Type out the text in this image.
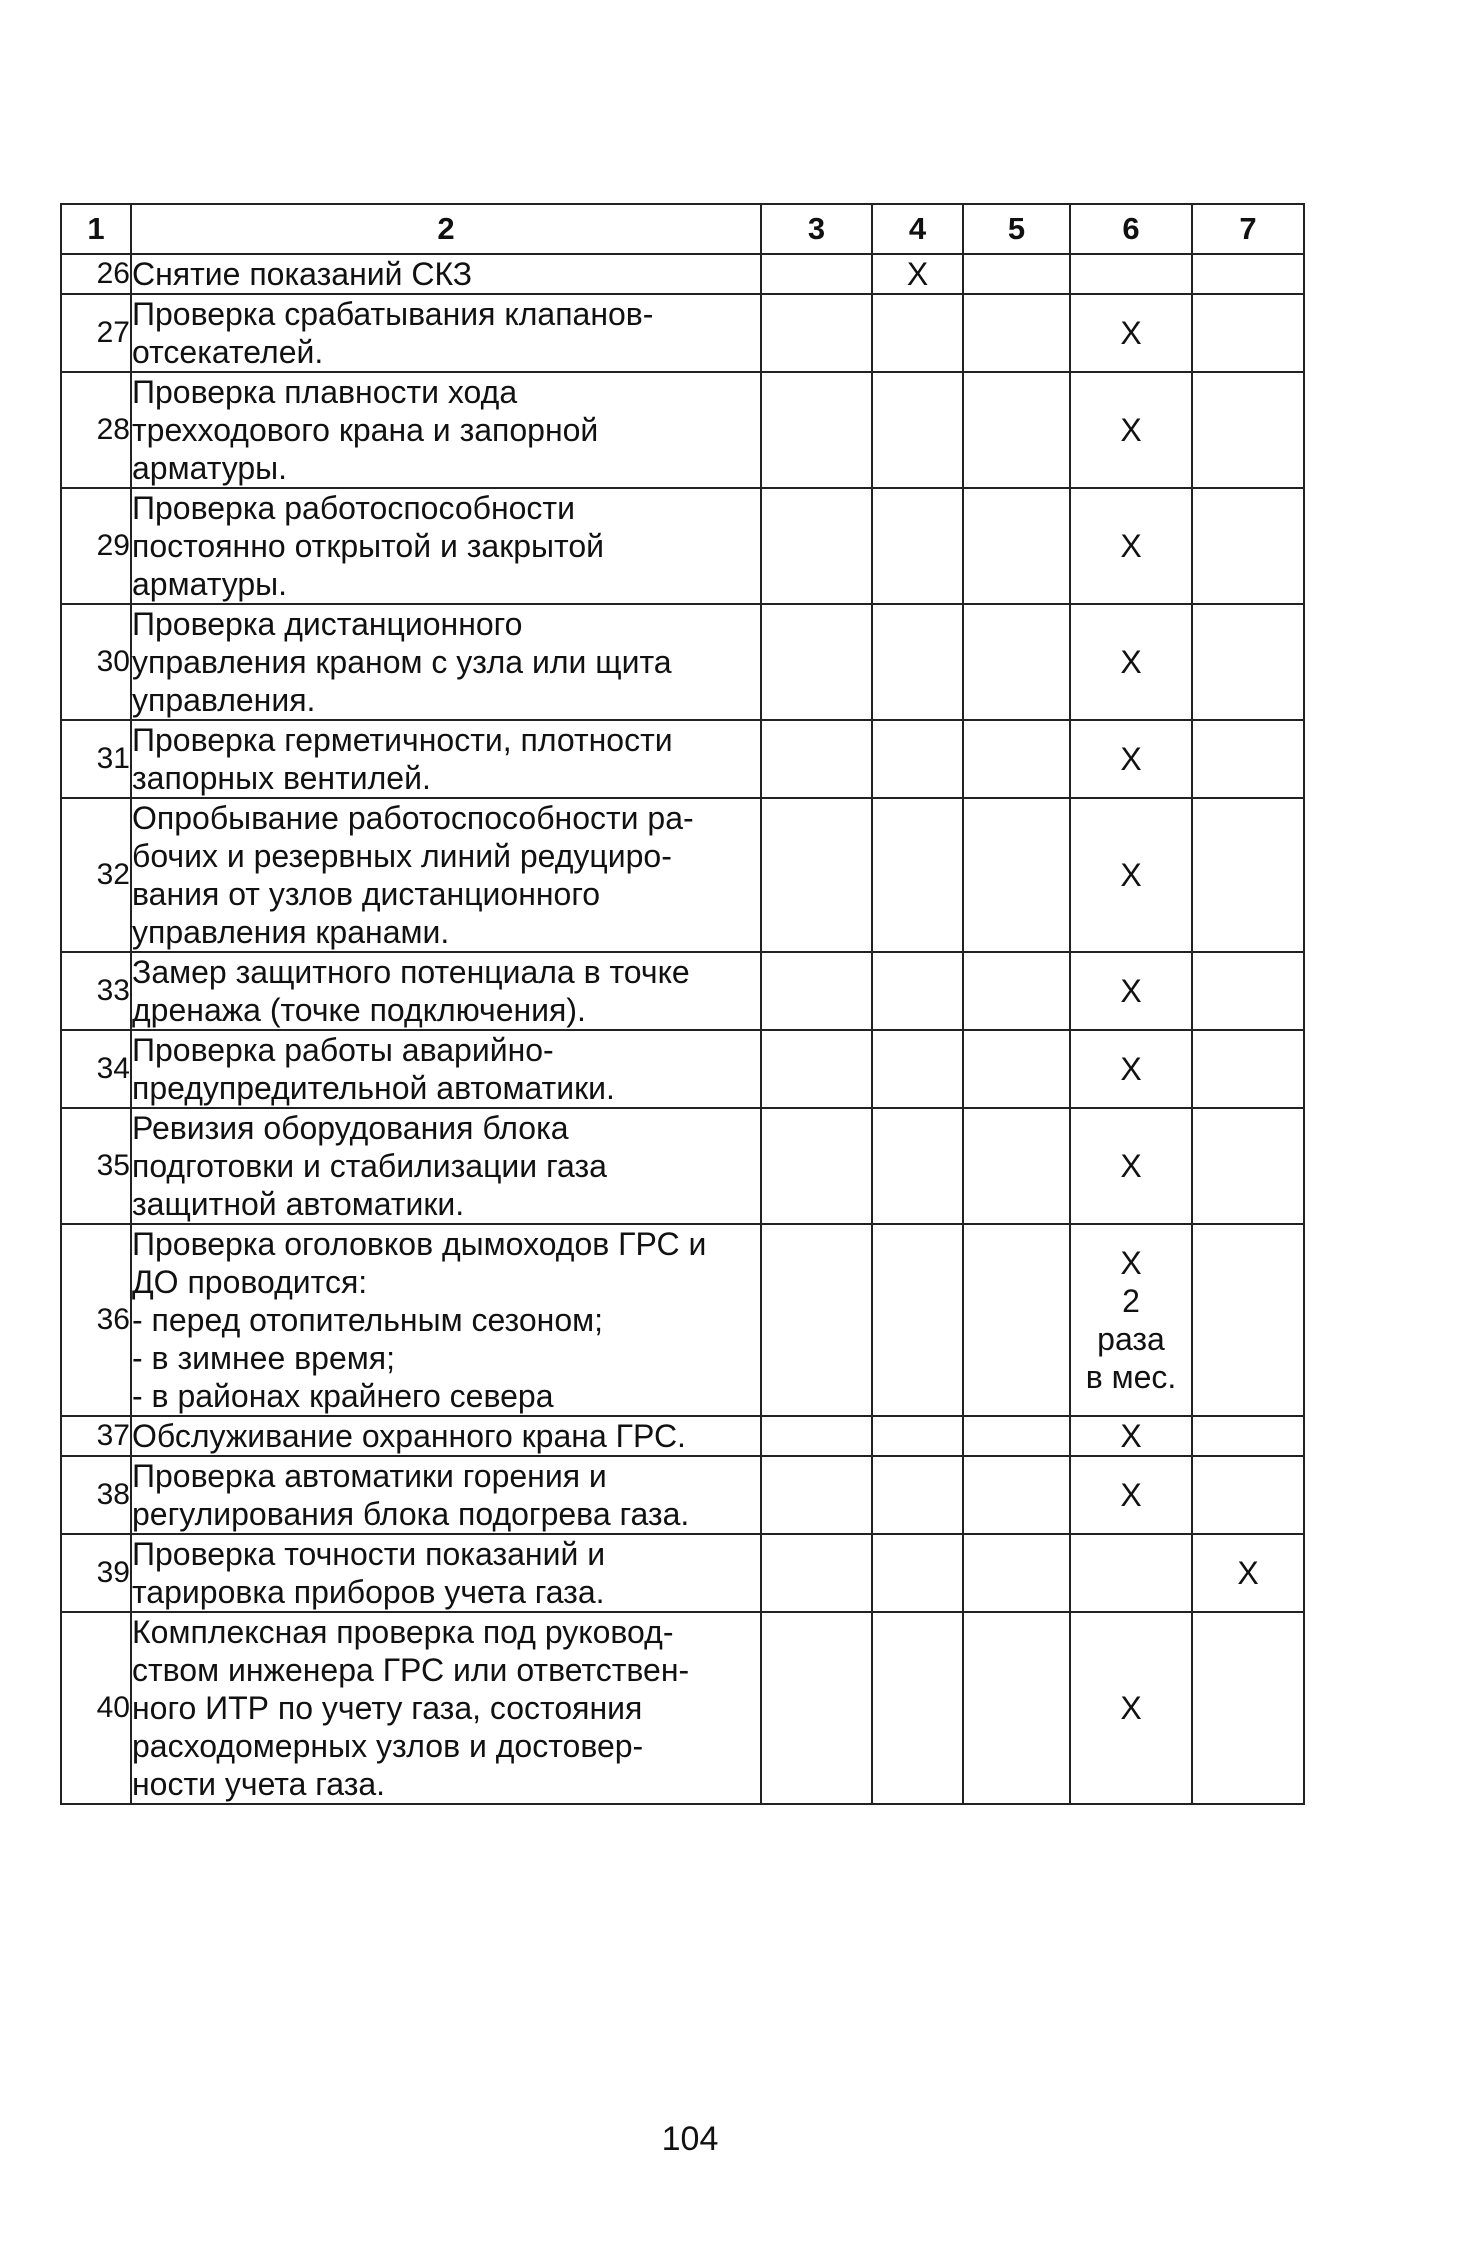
1	2	3	4	5	6	7
26	Снятие показаний СКЗ		X			
27	Проверка срабатывания клапанов-
отсекателей.				X	
28	Проверка плавности хода
трехходового крана и запорной
арматуры.				X	
29	Проверка работоспособности
постоянно открытой и закрытой
арматуры.				X	
30	Проверка дистанционного
управления краном с узла или щита
управления.				X	
31	Проверка герметичности, плотности
запорных вентилей.				X	
32	Опробывание работоспособности ра-
бочих и резервных линий редуциро-
вания от узлов дистанционного
управления кранами.				X	
33	Замер защитного потенциала в точке
дренажа (точке подключения).				X	
34	Проверка работы аварийно-
предупредительной автоматики.				X	
35	Ревизия оборудования блока
подготовки и стабилизации газа
защитной автоматики.				X	
36	Проверка оголовков дымоходов ГРС и
ДО проводится:
- перед отопительным сезоном;
- в зимнее время;
- в районах крайнего севера				X
2
раза
в мес.	
37	Обслуживание охранного крана ГРС.				X	
38	Проверка автоматики горения и
регулирования блока подогрева газа.				X	
39	Проверка точности показаний и
тарировка приборов учета газа.					X
40	Комплексная проверка под руковод-
ством инженера ГРС или ответствен-
ного ИТР по учету газа, состояния
расходомерных узлов и достовер-
ности учета газа.				X	
104
